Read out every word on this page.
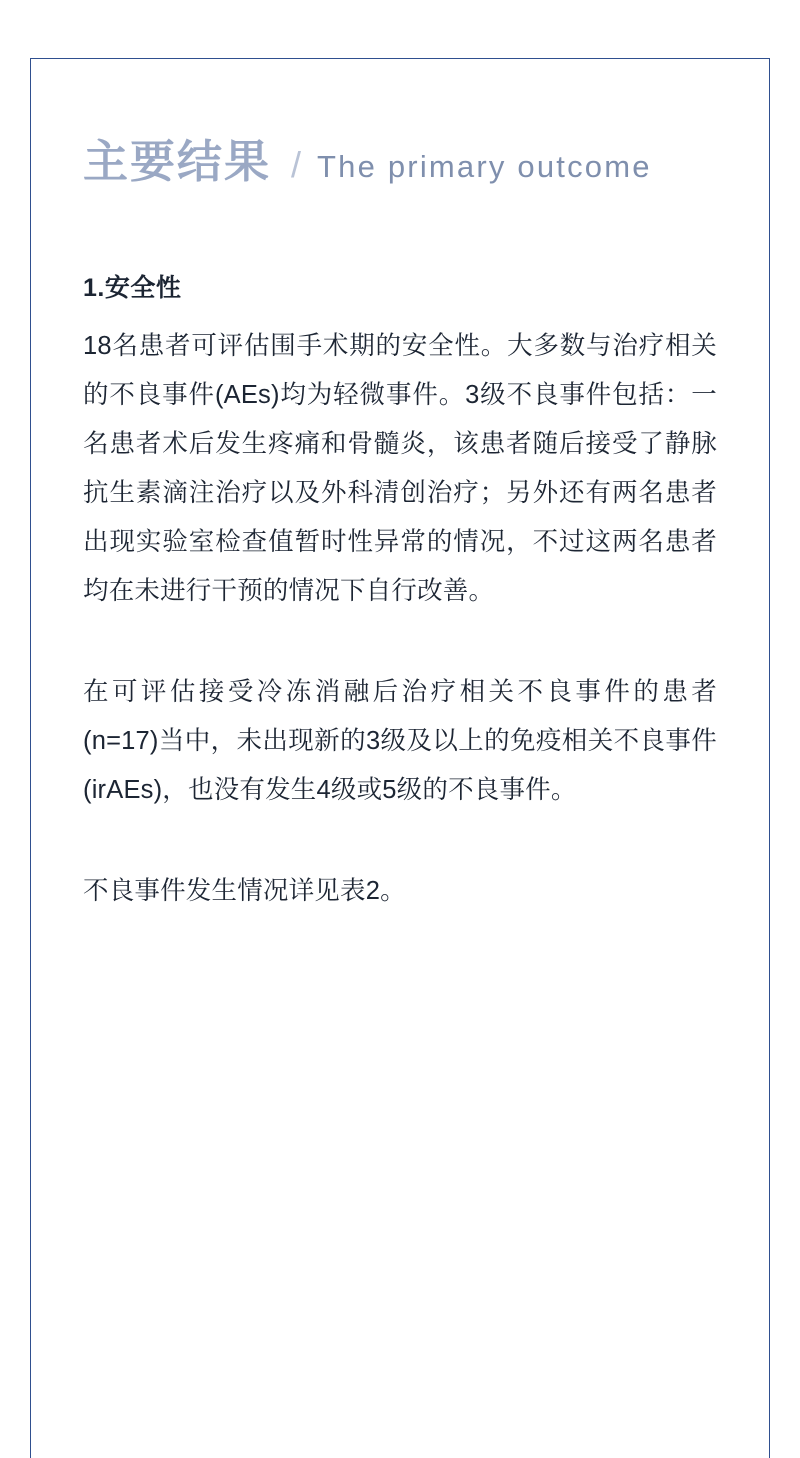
主要结果 / The primary outcome
1.安全性

18名患者可评估围手术期的安全性。大多数与治疗相关的不良事件(AEs)均为轻微事件。3级不良事件包括：一名患者术后发生疼痛和骨髓炎，该患者随后接受了静脉抗生素滴注治疗以及外科清创治疗；另外还有两名患者出现实验室检查值暂时性异常的情况，不过这两名患者均在未进行干预的情况下自行改善。

在可评估接受冷冻消融后治疗相关不良事件的患者(n=17)当中，未出现新的3级及以上的免疫相关不良事件(irAEs)，也没有发生4级或5级的不良事件。

不良事件发生情况详见表2。
